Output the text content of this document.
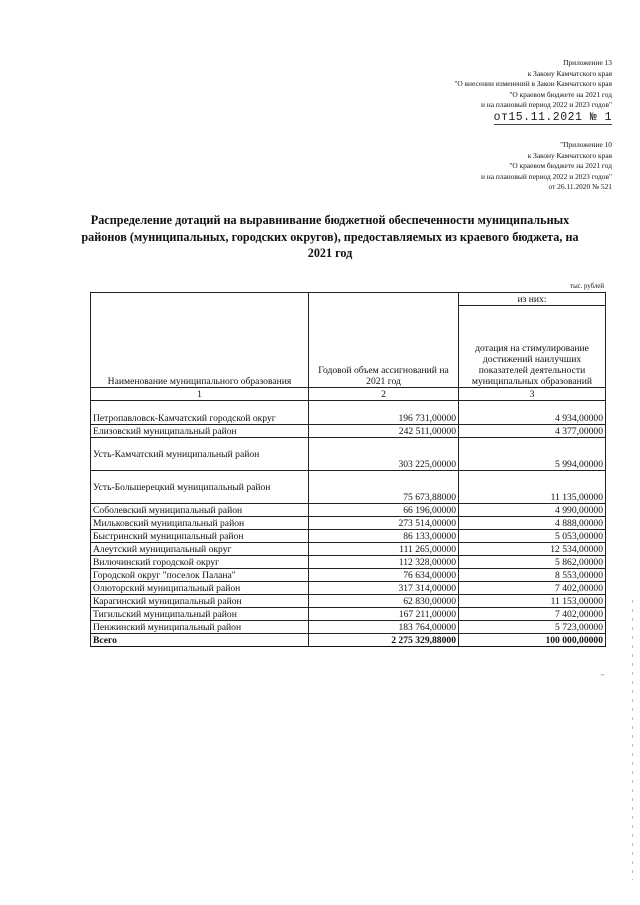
Приложение 13
к Закону Камчатского края
"О внесении изменений в Закон Камчатского края
"О краевом бюджете на 2021 год
и на плановый период 2022 и 2023 годов"
от15.11.2021 № 1
"Приложение 10
к Закону Камчатского края
"О краевом бюджете на 2021 год
и на плановый период 2022 и 2023 годов"
от 26.11.2020 № 521
Распределение дотаций на выравнивание бюджетной обеспеченности муниципальных районов (муниципальных, городских округов), предоставляемых из краевого бюджета, на 2021 год
тыс. рублей
Наименование муниципального образования	Годовой объем ассигнований на 2021 год	из них:
		дотация на стимулирование достижений наилучших показателей деятельности муниципальных образований
1	2	3
Петропавловск-Камчатский городской округ	196 731,00000	4 934,00000
Елизовский муниципальный район	242 511,00000	4 377,00000
Усть-Камчатский муниципальный район	303 225,00000	5 994,00000
Усть-Большерецкий муниципальный район	75 673,88000	11 135,00000
Соболевский муниципальный район	66 196,00000	4 990,00000
Мильковский муниципальный район	273 514,00000	4 888,00000
Быстринский муниципальный район	86 133,00000	5 053,00000
Алеутский муниципальный округ	111 265,00000	12 534,00000
Вилючинский городской округ	112 328,00000	5 862,00000
Городской округ "поселок Палана"	76 634,00000	8 553,00000
Олюторский муниципальный район	317 314,00000	7 402,00000
Карагинский муниципальный район	62 830,00000	11 153,00000
Тигильский муниципальный район	167 211,00000	7 402,00000
Пенжинский муниципальный район	183 764,00000	5 723,00000
Всего	2 275 329,88000	100 000,00000
"
